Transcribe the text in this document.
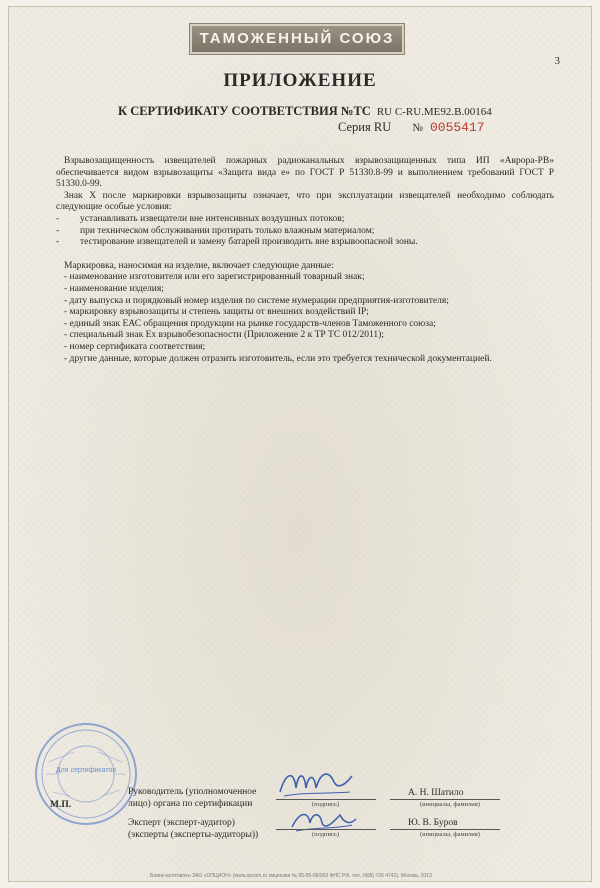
ТАМОЖЕННЫЙ СОЮЗ
3
ПРИЛОЖЕНИЕ
К СЕРТИФИКАТУ СООТВЕТСТВИЯ №ТС RU C-RU.ME92.B.00164
Серия RU № 0055417

Взрывозащищенность извещателей пожарных радиоканальных взрывозащищенных типа ИП «Аврора-РВ» обеспечивается видом взрывозащиты «Защита вида е» по ГОСТ Р 51330.8-99 и выполнением требований ГОСТ Р 51330.0-99.

Знак X после маркировки взрывозащиты означает, что при эксплуатации извещателей необходимо соблюдать следующие особые условия:

- устанавливать извещатели вне интенсивных воздушных потоков;
- при техническом обслуживании протирать только влажным материалом;
- тестирование извещателей и замену батарей производить вне взрывоопасной зоны.

Маркировка, наносимая на изделие, включает следующие данные:

- наименование изготовителя или его зарегистрированный товарный знак;
- наименование изделия;
- дату выпуска и порядковый номер изделия по системе нумерации предприятия-изготовителя;
- маркировку взрывозащиты и степень защиты от внешних воздействий IP;
- единый знак ЕАС обращения продукции на рынке государств-членов Таможенного союза;
- специальный знак Ex взрывобезопасности (Приложение 2 к ТР ТС 012/2011);
- номер сертификата соответствия;
- другие данные, которые должен отразить изготовитель, если это требуется технической документацией.
Для сертификатов
М.П.
Руководитель (уполномоченное
лицо) органа по сертификации	(подпись)
А. Н. Шатило
(инициалы, фамилия)
Эксперт (эксперт-аудитор)
(эксперты (эксперты-аудиторы))	(подпись)
Ю. В. Буров
(инициалы, фамилия)
Бланк изготовлен ЗАО «ОПЦИОН» (www.opcion.ru лицензия № 05-05-09/003 ФНС РФ, тел. (495) 726 4742), Москва, 2013
